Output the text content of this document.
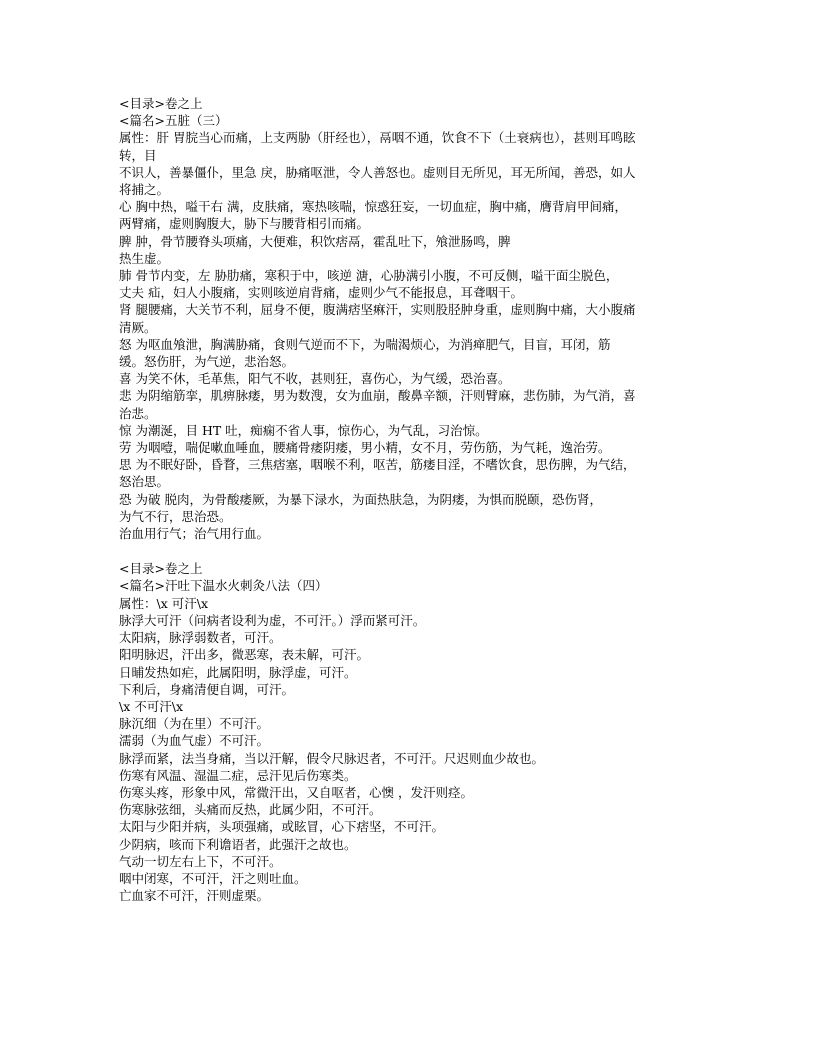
<目录>卷之上

<篇名>五脏（三）

属性：肝 胃脘当心而痛，上支两胁（肝经也），鬲咽不通，饮食不下（土衰病也），甚则耳鸣眩

转，目

不识人，善暴僵仆，里急 戾，胁痛呕泄，令人善怒也。虚则目无所见，耳无所闻，善恐，如人

将捕之。

心 胸中热，嗌干右 满，皮肤痛，寒热咳喘，惊惑狂妄，一切血症，胸中痛，膺背肩甲间痛，

两臂痛，虚则胸腹大，胁下与腰背相引而痛。

脾 肿，骨节腰脊头项痛，大便难，积饮痞鬲，霍乱吐下，飧泄肠鸣，脾

热生虚。

肺 骨节内变，左 胁肋痛，寒积于中，咳逆 溏，心胁满引小腹，不可反侧，嗌干面尘脱色，

丈夫 疝，妇人小腹痛，实则咳逆肩背痛，虚则少气不能报息，耳聋咽干。

肾 腿腰痛，大关节不利，屈身不便，腹满痞坚痳汗，实则股胫肿身重，虚则胸中痛，大小腹痛

清厥。

怒 为呕血飧泄，胸满胁痛，食则气逆而不下，为喘渴烦心，为消瘅肥气，目盲，耳闭，筋

缓。怒伤肝，为气逆，悲治怒。

喜 为笑不休，毛革焦，阳气不收，甚则狂，喜伤心，为气缓，恐治喜。

悲 为阴缩筋挛，肌痹脉痿，男为数溲，女为血崩，酸鼻辛额，汗则臂麻，悲伤肺，为气消，喜

治悲。

惊 为潮涎，目 HT 吐，痴痫不省人事，惊伤心，为气乱，习治惊。

劳 为咽噎，喘促嗽血唾血，腰痛骨痿阴痿，男小精，女不月，劳伤筋，为气耗，逸治劳。

思 为不眠好卧，昏瞀，三焦痞塞，咽喉不利，呕苦，筋痿目淫，不嗜饮食，思伤脾，为气结，

怒治思。

恐 为破 脱肉，为骨酸痿厥，为暴下渌水，为面热肤急，为阴痿，为惧而脱颐，恐伤肾，

为气不行，思治恐。

治血用行气；治气用行血。

<目录>卷之上

<篇名>汗吐下温水火刺灸八法（四）

属性：\x 可汗\x

脉浮大可汗（问病者设利为虚，不可汗。）浮而紧可汗。

太阳病，脉浮弱数者，可汗。

阳明脉迟，汗出多，微恶寒，表未解，可汗。

日晡发热如疟，此属阳明，脉浮虚，可汗。

下利后，身痛清便自调，可汗。

\x 不可汗\x

脉沉细（为在里）不可汗。

濡弱（为血气虚）不可汗。

脉浮而紧，法当身痛，当以汗解，假令尺脉迟者，不可汗。尺迟则血少故也。

伤寒有风温、湿温二症，忌汗见后伤寒类。

伤寒头疼，形象中风，常微汗出，又自呕者，心懊 ，发汗则痉。

伤寒脉弦细，头痛而反热，此属少阳，不可汗。

太阳与少阳并病，头项强痛，或眩冒，心下痞坚，不可汗。

少阴病，咳而下利谵语者，此强汗之故也。

气动一切左右上下，不可汗。

咽中闭寒，不可汗，汗之则吐血。

亡血家不可汗，汗则虚栗。
